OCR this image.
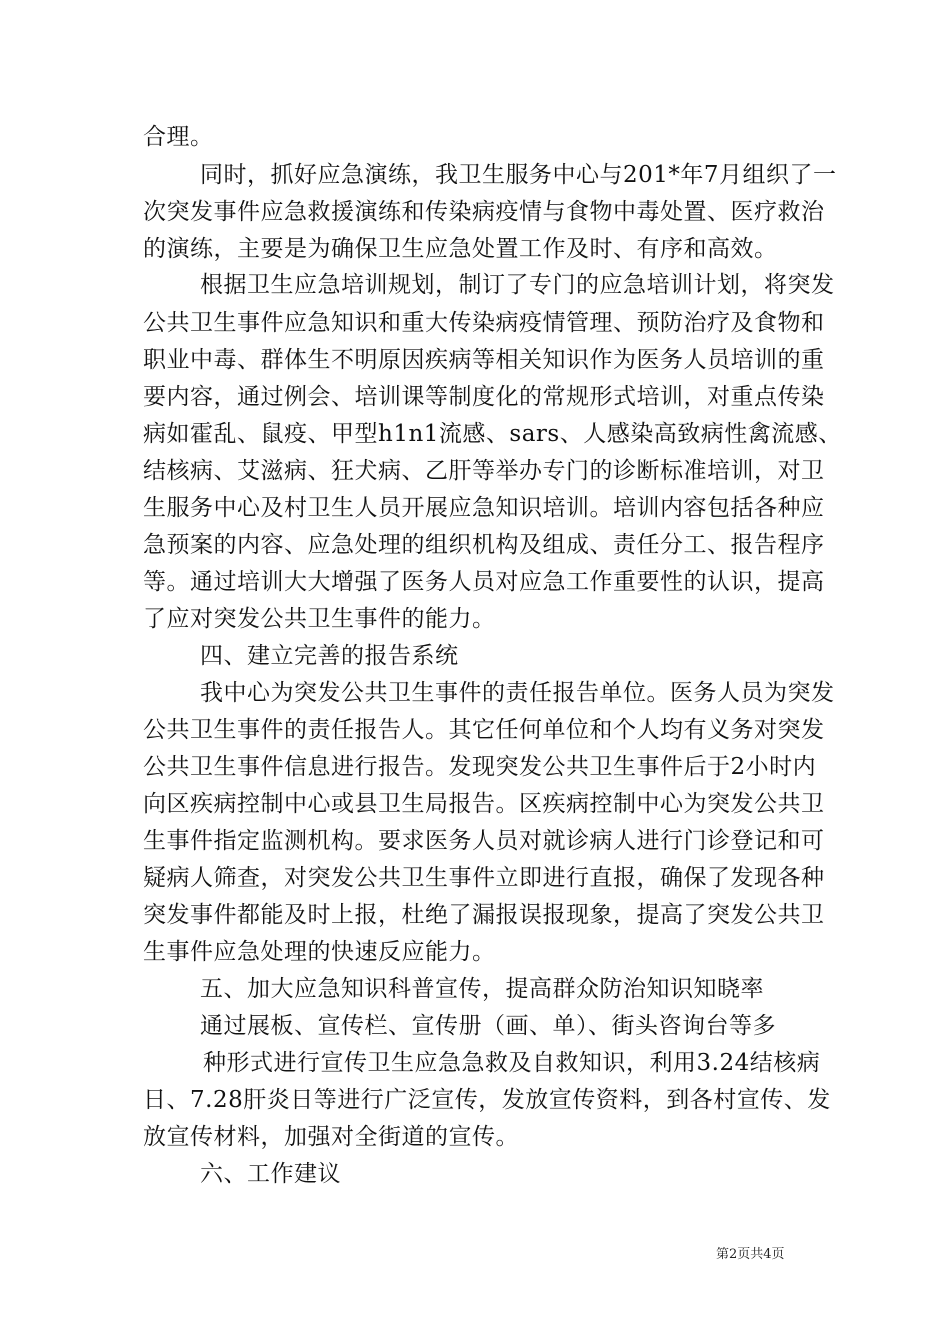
合理。
同时，抓好应急演练，我卫生服务中心与201*年7月组织了一
次突发事件应急救援演练和传染病疫情与食物中毒处置、医疗救治
的演练，主要是为确保卫生应急处置工作及时、有序和高效。
根据卫生应急培训规划，制订了专门的应急培训计划，将突发
公共卫生事件应急知识和重大传染病疫情管理、预防治疗及食物和
职业中毒、群体生不明原因疾病等相关知识作为医务人员培训的重
要内容，通过例会、培训课等制度化的常规形式培训，对重点传染
病如霍乱、鼠疫、甲型h1n1流感、sars、人感染高致病性禽流感、
结核病、艾滋病、狂犬病、乙肝等举办专门的诊断标准培训，对卫
生服务中心及村卫生人员开展应急知识培训。培训内容包括各种应
急预案的内容、应急处理的组织机构及组成、责任分工、报告程序
等。通过培训大大增强了医务人员对应急工作重要性的认识，提高
了应对突发公共卫生事件的能力。
四、建立完善的报告系统
我中心为突发公共卫生事件的责任报告单位。医务人员为突发
公共卫生事件的责任报告人。其它任何单位和个人均有义务对突发
公共卫生事件信息进行报告。发现突发公共卫生事件后于2小时内
向区疾病控制中心或县卫生局报告。区疾病控制中心为突发公共卫
生事件指定监测机构。要求医务人员对就诊病人进行门诊登记和可
疑病人筛查，对突发公共卫生事件立即进行直报，确保了发现各种
突发事件都能及时上报，杜绝了漏报误报现象，提高了突发公共卫
生事件应急处理的快速反应能力。
五、加大应急知识科普宣传，提高群众防治知识知晓率
通过展板、宣传栏、宣传册（画、单）、街头咨询台等多
种形式进行宣传卫生应急急救及自救知识，利用3.24结核病
日、7.28肝炎日等进行广泛宣传，发放宣传资料，到各村宣传、发
放宣传材料，加强对全街道的宣传。
六、工作建议
第2页共4页
